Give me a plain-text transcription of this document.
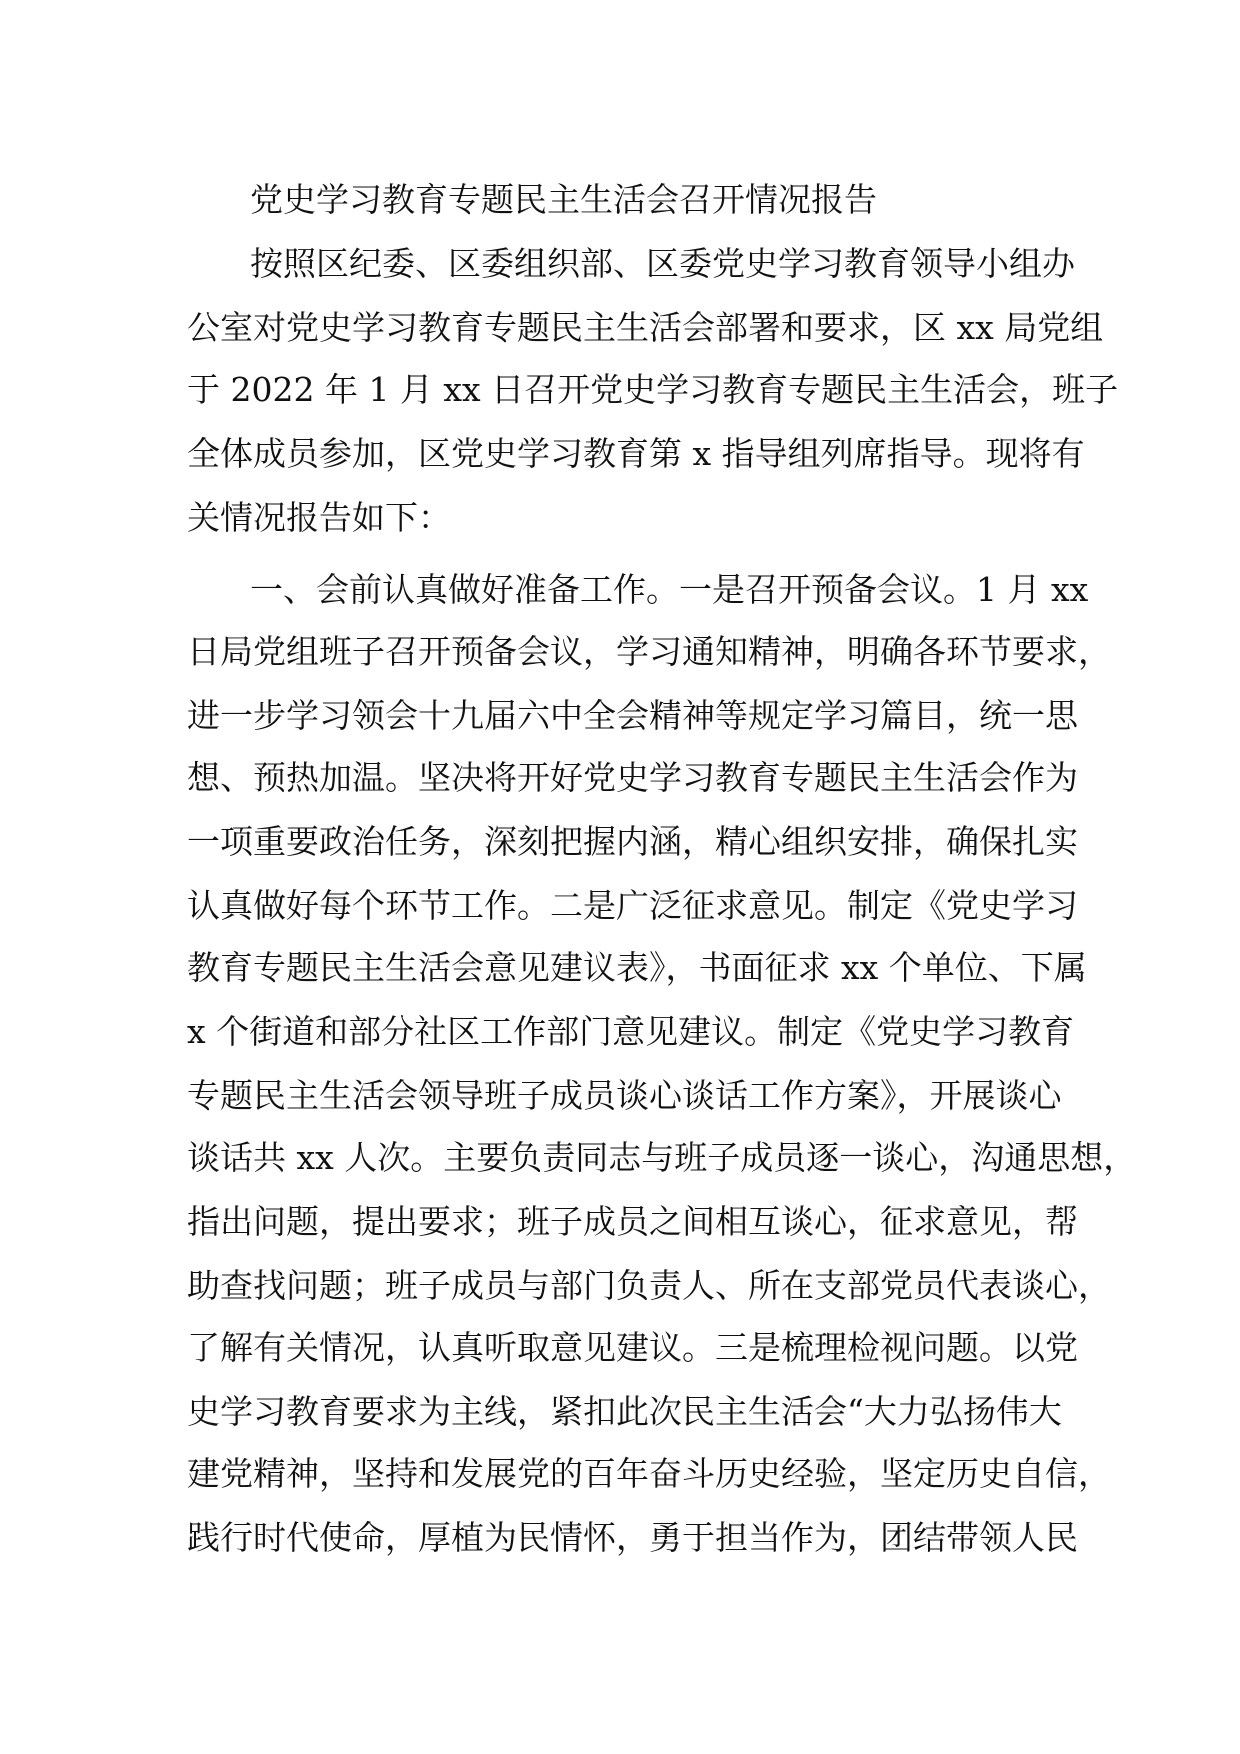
党史学习教育专题民主生活会召开情况报告
按照区纪委、区委组织部、区委党史学习教育领导小组办
公室对党史学习教育专题民主生活会部署和要求，区 xx 局党组
于 2022 年 1 月 xx 日召开党史学习教育专题民主生活会，班子
全体成员参加，区党史学习教育第 x 指导组列席指导。现将有
关情况报告如下：
一、会前认真做好准备工作。一是召开预备会议。1 月 xx
日局党组班子召开预备会议，学习通知精神，明确各环节要求，
进一步学习领会十九届六中全会精神等规定学习篇目，统一思
想、预热加温。坚决将开好党史学习教育专题民主生活会作为
一项重要政治任务，深刻把握内涵，精心组织安排，确保扎实
认真做好每个环节工作。二是广泛征求意见。制定《党史学习
教育专题民主生活会意见建议表》，书面征求 xx 个单位、下属
x 个街道和部分社区工作部门意见建议。制定《党史学习教育
专题民主生活会领导班子成员谈心谈话工作方案》，开展谈心
谈话共 xx 人次。主要负责同志与班子成员逐一谈心，沟通思想，
指出问题，提出要求；班子成员之间相互谈心，征求意见，帮
助查找问题；班子成员与部门负责人、所在支部党员代表谈心，
了解有关情况，认真听取意见建议。三是梳理检视问题。以党
史学习教育要求为主线，紧扣此次民主生活会“大力弘扬伟大
建党精神，坚持和发展党的百年奋斗历史经验，坚定历史自信，
践行时代使命，厚植为民情怀，勇于担当作为，团结带领人民
